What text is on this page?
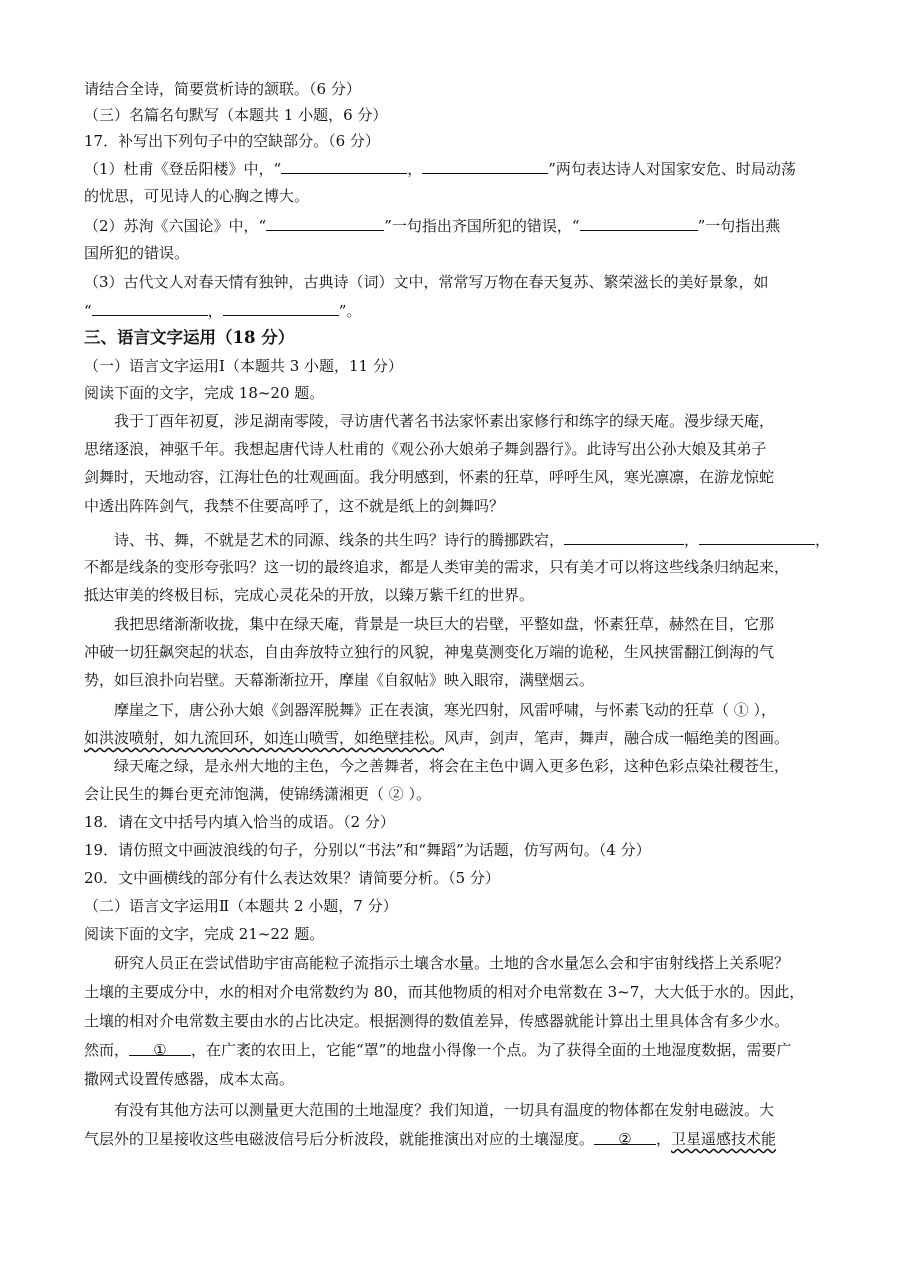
请结合全诗，简要赏析诗的颔联。（6 分）
（三）名篇名句默写（本题共 1 小题，6 分）
17．补写出下列句子中的空缺部分。（6 分）
（1）杜甫《登岳阳楼》中，“	，	”两句表达诗人对国家安危、时局动荡
的忧思，可见诗人的心胸之博大。
（2）苏洵《六国论》中，“	”一句指出齐国所犯的错误，“	”一句指出燕
国所犯的错误。
（3）古代文人对春天情有独钟，古典诗（词）文中，常常写万物在春天复苏、繁荣滋长的美好景象，如
“	，	”。
三、语言文字运用（18 分）
（一）语言文字运用Ⅰ（本题共 3 小题，11 分）
阅读下面的文字，完成 18~20 题。
我于丁酉年初夏，涉足湖南零陵，寻访唐代著名书法家怀素出家修行和练字的绿天庵。漫步绿天庵，
思绪逐浪，神驱千年。我想起唐代诗人杜甫的《观公孙大娘弟子舞剑器行》。此诗写出公孙大娘及其弟子
剑舞时，天地动容，江海壮色的壮观画面。我分明感到，怀素的狂草，呼呼生风，寒光凛凛，在游龙惊蛇
中透出阵阵剑气，我禁不住要高呼了，这不就是纸上的剑舞吗？
诗、书、舞，不就是艺术的同源、线条的共生吗？诗行的腾挪跌宕，	，	，
不都是线条的变形夸张吗？这一切的最终追求，都是人类审美的需求，只有美才可以将这些线条归纳起来，
抵达审美的终极目标，完成心灵花朵的开放，以臻万紫千红的世界。
我把思绪渐渐收拢，集中在绿天庵，背景是一块巨大的岩壁，平整如盘，怀素狂草，赫然在目，它那
冲破一切狂飙突起的状态，自由奔放特立独行的风貌，神鬼莫测变化万端的诡秘，生风挟雷翻江倒海的气
势，如巨浪扑向岩壁。天幕渐渐拉开，摩崖《自叙帖》映入眼帘，满壁烟云。
摩崖之下，唐公孙大娘《剑器浑脱舞》正在表演，寒光四射，风雷呼啸，与怀素飞动的狂草（ ① ），
如洪波喷射，如九流回环，如连山喷雪，如绝壁挂松。风声，剑声，笔声，舞声，融合成一幅绝美的图画。
绿天庵之绿，是永州大地的主色，今之善舞者，将会在主色中调入更多色彩，这种色彩点染社稷苍生，
会让民生的舞台更充沛饱满，使锦绣潇湘更（ ② ）。
18．请在文中括号内填入恰当的成语。（2 分）
19．请仿照文中画波浪线的句子，分别以“书法”和“舞蹈”为话题，仿写两句。（4 分）
20．文中画横线的部分有什么表达效果？请简要分析。（5 分）
（二）语言文字运用Ⅱ（本题共 2 小题，7 分）
阅读下面的文字，完成 21~22 题。
研究人员正在尝试借助宇宙高能粒子流指示土壤含水量。土地的含水量怎么会和宇宙射线搭上关系呢？
土壤的主要成分中，水的相对介电常数约为 80，而其他物质的相对介电常数在 3~7，大大低于水的。因此，
土壤的相对介电常数主要由水的占比决定。根据测得的数值差异，传感器就能计算出土里具体含有多少水。
然而， ① ，在广袤的农田上，它能“罩”的地盘小得像一个点。为了获得全面的土地湿度数据，需要广
撒网式设置传感器，成本太高。
有没有其他方法可以测量更大范围的土地湿度？我们知道，一切具有温度的物体都在发射电磁波。大
气层外的卫星接收这些电磁波信号后分析波段，就能推演出对应的土壤湿度。 ② ，卫星遥感技术能
